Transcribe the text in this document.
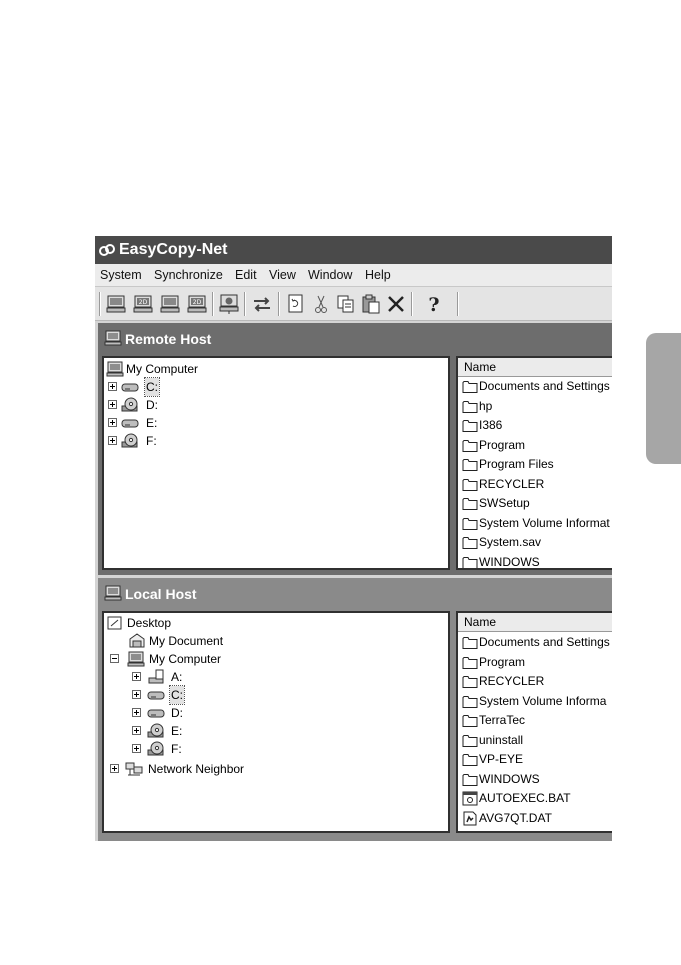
EasyCopy-Net
System Synchronize Edit View Window Help
2D	2D	?
Remote Host
My Computer
C:
D:
E:
F:
Name
Documents and Settings
hp
I386
Program
Program Files
RECYCLER
SWSetup
System Volume Informat
System.sav
WINDOWS
Local Host
Desktop
My Document
My Computer
A:
C:
D:
E:
F:
Network Neighbor
Name
Documents and Settings
Program
RECYCLER
System Volume Informa
TerraTec
uninstall
VP-EYE
WINDOWS
AUTOEXEC.BAT
AVG7QT.DAT
